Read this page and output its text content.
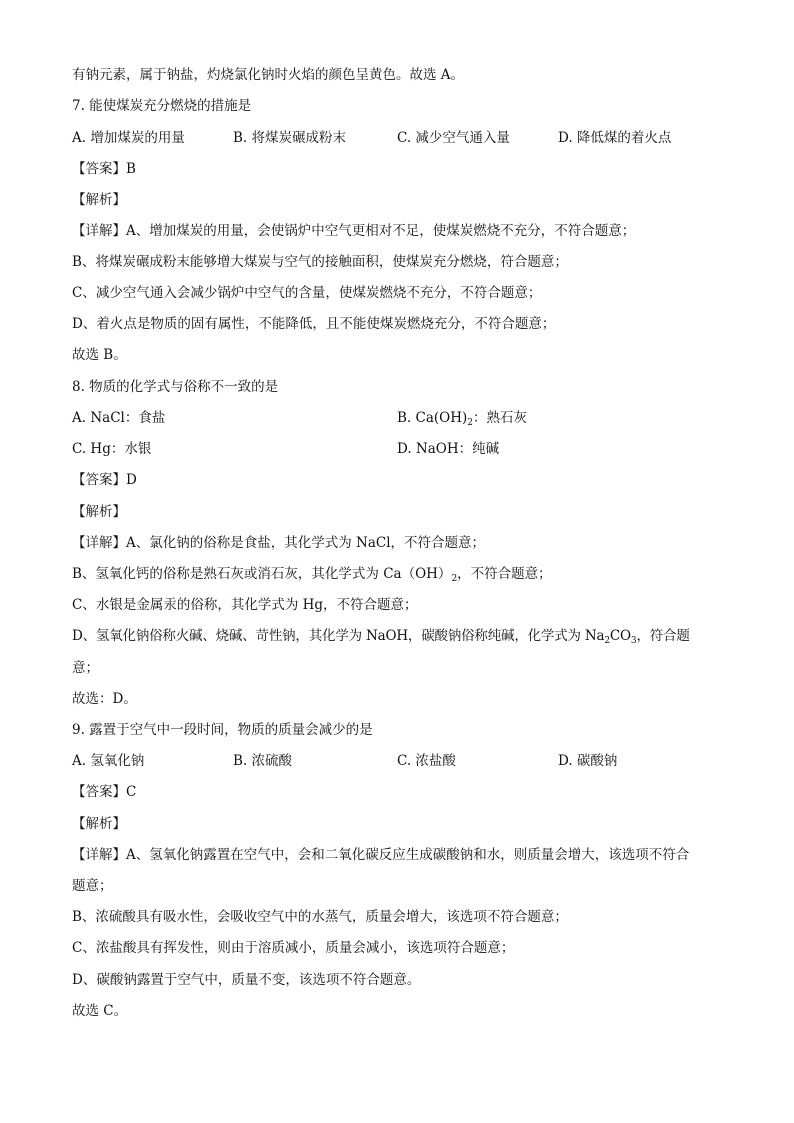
有钠元素，属于钠盐，灼烧氯化钠时火焰的颜色呈黄色。故选 A。
7. 能使煤炭充分燃烧的措施是
A. 增加煤炭的用量	B. 将煤炭碾成粉末	C. 减少空气通入量	D. 降低煤的着火点
【答案】B
【解析】
【详解】A、增加煤炭的用量，会使锅炉中空气更相对不足，使煤炭燃烧不充分，不符合题意；
B、将煤炭碾成粉末能够增大煤炭与空气的接触面积，使煤炭充分燃烧，符合题意；
C、减少空气通入会减少锅炉中空气的含量，使煤炭燃烧不充分，不符合题意；
D、着火点是物质的固有属性，不能降低，且不能使煤炭燃烧充分，不符合题意；
故选 B。
8. 物质的化学式与俗称不一致的是
A. NaCl：食盐	B. $Ca(OH)_2$：熟石灰
C. Hg：水银	D. NaOH：纯碱
【答案】D
【解析】
【详解】A、氯化钠的俗称是食盐，其化学式为 NaCl，不符合题意；
B、氢氧化钙的俗称是熟石灰或消石灰，其化学式为 $Ca(OH)_2$，不符合题意；
C、水银是金属汞的俗称，其化学式为 Hg，不符合题意；
D、氢氧化钠俗称火碱、烧碱、苛性钠，其化学为 NaOH，碳酸钠俗称纯碱，化学式为 $Na_2CO_3$，符合题
意；
故选：D。
9. 露置于空气中一段时间，物质的质量会减少的是
A. 氢氧化钠	B. 浓硫酸	C. 浓盐酸	D. 碳酸钠
【答案】C
【解析】
【详解】A、氢氧化钠露置在空气中，会和二氧化碳反应生成碳酸钠和水，则质量会增大，该选项不符合
题意；
B、浓硫酸具有吸水性，会吸收空气中的水蒸气，质量会增大，该选项不符合题意；
C、浓盐酸具有挥发性，则由于溶质减小，质量会减小，该选项符合题意；
D、碳酸钠露置于空气中，质量不变，该选项不符合题意。
故选 C。
